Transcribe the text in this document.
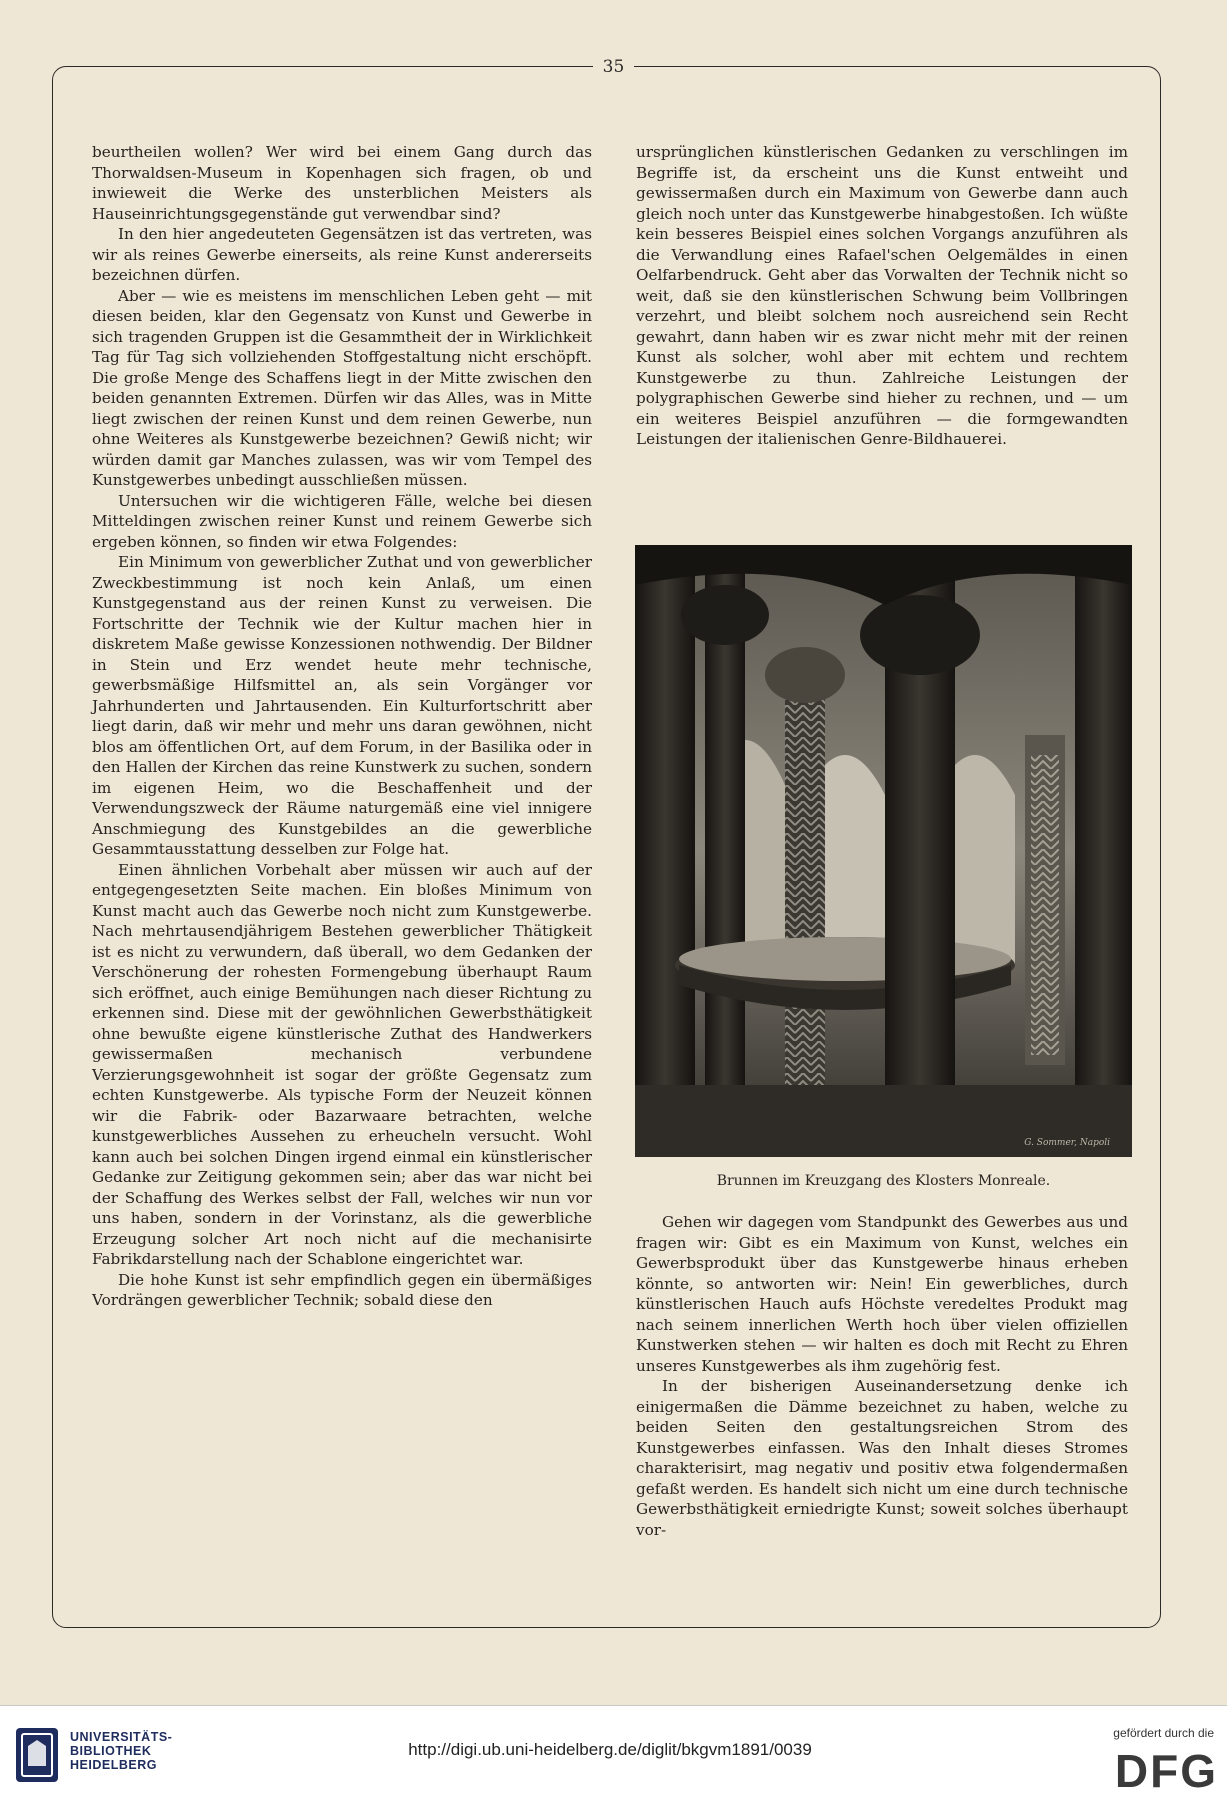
35

beurtheilen wollen? Wer wird bei einem Gang durch das Thorwaldsen-Museum in Kopenhagen sich fragen, ob und inwieweit die Werke des unsterblichen Meisters als Hauseinrichtungsgegenstände gut verwendbar sind?

In den hier angedeuteten Gegensätzen ist das vertreten, was wir als reines Gewerbe einerseits, als reine Kunst andererseits bezeichnen dürfen.

Aber — wie es meistens im menschlichen Leben geht — mit diesen beiden, klar den Gegensatz von Kunst und Gewerbe in sich tragenden Gruppen ist die Gesammtheit der in Wirklichkeit Tag für Tag sich vollziehenden Stoffgestaltung nicht erschöpft. Die große Menge des Schaffens liegt in der Mitte zwischen den beiden genannten Extremen. Dürfen wir das Alles, was in Mitte liegt zwischen der reinen Kunst und dem reinen Gewerbe, nun ohne Weiteres als Kunstgewerbe bezeichnen? Gewiß nicht; wir würden damit gar Manches zulassen, was wir vom Tempel des Kunstgewerbes unbedingt ausschließen müssen.

Untersuchen wir die wichtigeren Fälle, welche bei diesen Mitteldingen zwischen reiner Kunst und reinem Gewerbe sich ergeben können, so finden wir etwa Folgendes:

Ein Minimum von gewerblicher Zuthat und von gewerblicher Zweckbestimmung ist noch kein Anlaß, um einen Kunstgegenstand aus der reinen Kunst zu verweisen. Die Fortschritte der Technik wie der Kultur machen hier in diskretem Maße gewisse Konzessionen nothwendig. Der Bildner in Stein und Erz wendet heute mehr technische, gewerbsmäßige Hilfsmittel an, als sein Vorgänger vor Jahrhunderten und Jahrtausenden. Ein Kulturfortschritt aber liegt darin, daß wir mehr und mehr uns daran gewöhnen, nicht blos am öffentlichen Ort, auf dem Forum, in der Basilika oder in den Hallen der Kirchen das reine Kunstwerk zu suchen, sondern im eigenen Heim, wo die Beschaffenheit und der Verwendungszweck der Räume naturgemäß eine viel innigere Anschmiegung des Kunstgebildes an die gewerbliche Gesammtausstattung desselben zur Folge hat.

Einen ähnlichen Vorbehalt aber müssen wir auch auf der entgegengesetzten Seite machen. Ein bloßes Minimum von Kunst macht auch das Gewerbe noch nicht zum Kunstgewerbe. Nach mehrtausendjährigem Bestehen gewerblicher Thätigkeit ist es nicht zu verwundern, daß überall, wo dem Gedanken der Verschönerung der rohesten Formengebung überhaupt Raum sich eröffnet, auch einige Bemühungen nach dieser Richtung zu erkennen sind. Diese mit der gewöhnlichen Gewerbsthätigkeit ohne bewußte eigene künstlerische Zuthat des Handwerkers gewissermaßen mechanisch verbundene Verzierungsgewohnheit ist sogar der größte Gegensatz zum echten Kunstgewerbe. Als typische Form der Neuzeit können wir die Fabrik- oder Bazarwaare betrachten, welche kunstgewerbliches Aussehen zu erheucheln versucht. Wohl kann auch bei solchen Dingen irgend einmal ein künstlerischer Gedanke zur Zeitigung gekommen sein; aber das war nicht bei der Schaffung des Werkes selbst der Fall, welches wir nun vor uns haben, sondern in der Vorinstanz, als die gewerbliche Erzeugung solcher Art noch nicht auf die mechanisirte Fabrikdarstellung nach der Schablone eingerichtet war.

Die hohe Kunst ist sehr empfindlich gegen ein übermäßiges Vordrängen gewerblicher Technik; sobald diese den

ursprünglichen künstlerischen Gedanken zu verschlingen im Begriffe ist, da erscheint uns die Kunst entweiht und gewissermaßen durch ein Maximum von Gewerbe dann auch gleich noch unter das Kunstgewerbe hinabgestoßen. Ich wüßte kein besseres Beispiel eines solchen Vorgangs anzuführen als die Verwandlung eines Rafael'schen Oelgemäldes in einen Oelfarbendruck. Geht aber das Vorwalten der Technik nicht so weit, daß sie den künstlerischen Schwung beim Vollbringen verzehrt, und bleibt solchem noch ausreichend sein Recht gewahrt, dann haben wir es zwar nicht mehr mit der reinen Kunst als solcher, wohl aber mit echtem und rechtem Kunstgewerbe zu thun. Zahlreiche Leistungen der polygraphischen Gewerbe sind hieher zu rechnen, und — um ein weiteres Beispiel anzuführen — die formgewandten Leistungen der italienischen Genre-Bildhauerei.

G. Sommer, Napoli
Brunnen im Kreuzgang des Klosters Monreale.

Gehen wir dagegen vom Standpunkt des Gewerbes aus und fragen wir: Gibt es ein Maximum von Kunst, welches ein Gewerbsprodukt über das Kunstgewerbe hinaus erheben könnte, so antworten wir: Nein! Ein gewerbliches, durch künstlerischen Hauch aufs Höchste veredeltes Produkt mag nach seinem innerlichen Werth hoch über vielen offiziellen Kunstwerken stehen — wir halten es doch mit Recht zu Ehren unseres Kunstgewerbes als ihm zugehörig fest.

In der bisherigen Auseinandersetzung denke ich einigermaßen die Dämme bezeichnet zu haben, welche zu beiden Seiten den gestaltungsreichen Strom des Kunstgewerbes einfassen. Was den Inhalt dieses Stromes charakterisirt, mag negativ und positiv etwa folgendermaßen gefaßt werden. Es handelt sich nicht um eine durch technische Gewerbsthätigkeit erniedrigte Kunst; soweit solches überhaupt vor-

UNIVERSITÄTS-
BIBLIOTHEK
HEIDELBERG
http://digi.ub.uni-heidelberg.de/diglit/bkgvm1891/0039
gefördert durch die
DFG
